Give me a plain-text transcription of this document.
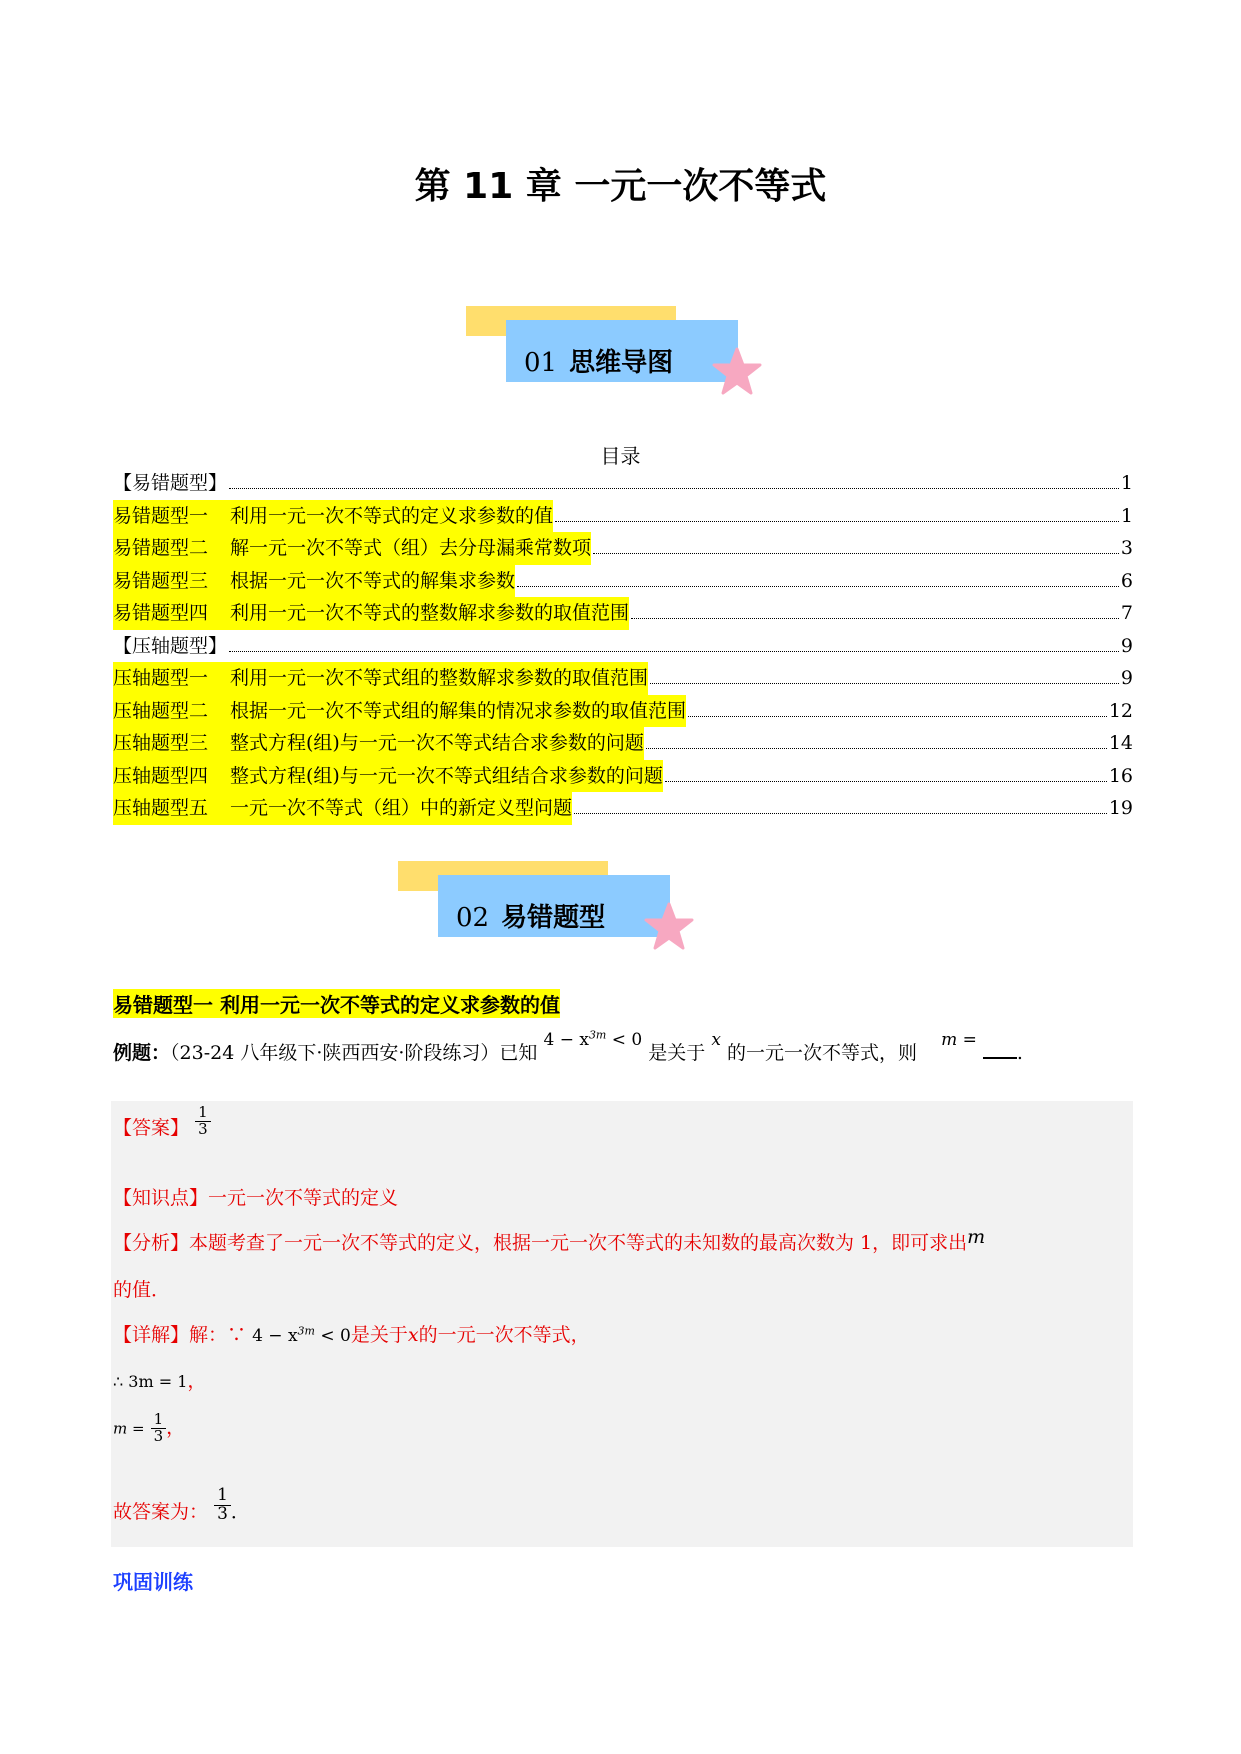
第 11 章 一元一次不等式
01 思维导图
目录
【易错题型】	1
易错题型一 利用一元一次不等式的定义求参数的值	1
易错题型二 解一元一次不等式（组）去分母漏乘常数项	3
易错题型三 根据一元一次不等式的解集求参数	6
易错题型四 利用一元一次不等式的整数解求参数的取值范围	7
【压轴题型】	9
压轴题型一 利用一元一次不等式组的整数解求参数的取值范围	9
压轴题型二 根据一元一次不等式组的解集的情况求参数的取值范围	12
压轴题型三 整式方程(组)与一元一次不等式结合求参数的问题	14
压轴题型四 整式方程(组)与一元一次不等式组结合求参数的问题	16
压轴题型五 一元一次不等式（组）中的新定义型问题	19
02 易错题型
易错题型一 利用一元一次不等式的定义求参数的值
例题：（23-24 八年级下·陕西西安·阶段练习）已知 $4 - x^{3m} < 0$ 是关于 x 的一元一次不等式，则 m = .
【答案】 $\frac{1}{3}$
【知识点】一元一次不等式的定义
【分析】本题考查了一元一次不等式的定义，根据一元一次不等式的未知数的最高次数为 1，即可求出m
的值．
【详解】解：∵ $4 - x^{3m} < 0$是关于x的一元一次不等式，
∴ 3m = 1，
$m = \frac{1}{3}$ ，
故答案为： $\frac{1}{3}$ ．
巩固训练
